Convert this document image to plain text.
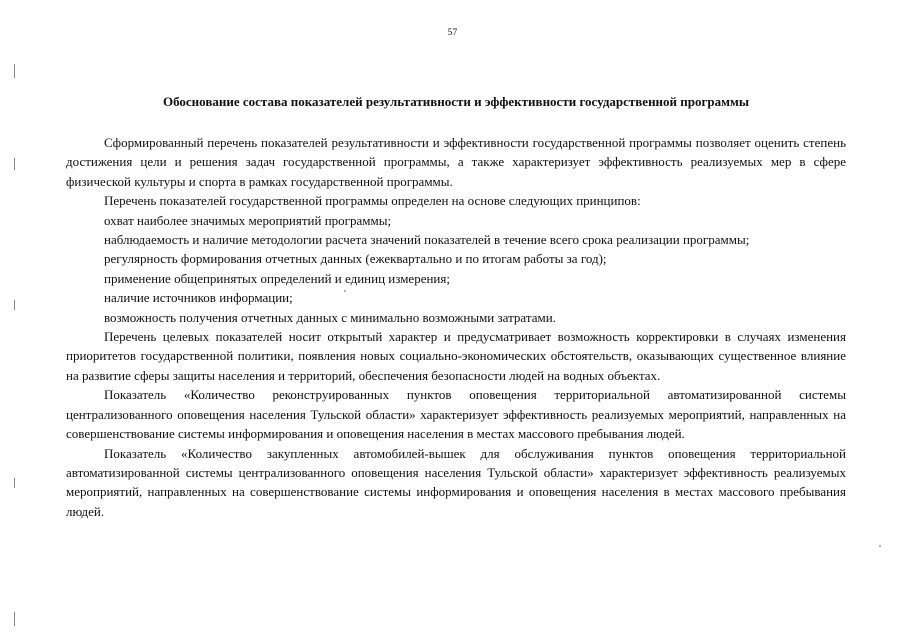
57
Обоснование состава показателей результативности и эффективности государственной программы

Сформированный перечень показателей результативности и эффективности государственной программы позволяет оценить степень достижения цели и решения задач государственной программы, а также характеризует эффективность реализуемых мер в сфере физической культуры и спорта в рамках государственной программы.

Перечень показателей государственной программы определен на основе следующих принципов:

охват наиболее значимых мероприятий программы;

наблюдаемость и наличие методологии расчета значений показателей в течение всего срока реализации программы;

регулярность формирования отчетных данных (ежеквартально и по итогам работы за год);

применение общепринятых определений и единиц измерения;

наличие источников информации;

возможность получения отчетных данных с минимально возможными затратами.

Перечень целевых показателей носит открытый характер и предусматривает возможность корректировки в случаях изменения приоритетов государственной политики, появления новых социально-экономических обстоятельств, оказывающих существенное влияние на развитие сферы защиты населения и территорий, обеспечения безопасности людей на водных объектах.

Показатель «Количество реконструированных пунктов оповещения территориальной автоматизированной системы централизованного оповещения населения Тульской области» характеризует эффективность реализуемых мероприятий, направленных на совершенствование системы информирования и оповещения населения в местах массового пребывания людей.

Показатель «Количество закупленных автомобилей-вышек для обслуживания пунктов оповещения территориальной автоматизированной системы централизованного оповещения населения Тульской области» характеризует эффективность реализуемых мероприятий, направленных на совершенствование системы информирования и оповещения населения в местах массового пребывания людей.
